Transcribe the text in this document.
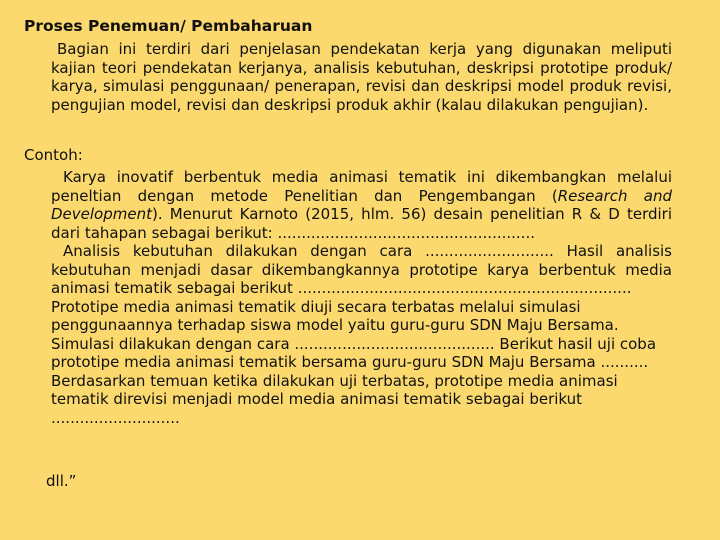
Proses Penemuan/ Pembaharuan

Bagian ini terdiri dari penjelasan pendekatan kerja yang digunakan meliputi kajian teori pendekatan kerjanya, analisis kebutuhan, deskripsi prototipe produk/ karya, simulasi penggunaan/ penerapan, revisi dan deskripsi model produk revisi, pengujian model, revisi dan deskripsi produk akhir (kalau dilakukan pengujian).

Contoh:

Karya inovatif berbentuk media animasi tematik ini dikembangkan melalui peneltian dengan metode Penelitian dan Pengembangan (Research and Development). Menurut Karnoto (2015, hlm. 56) desain penelitian R & D terdiri dari tahapan sebagai berikut: ......................................................

Analisis kebutuhan dilakukan dengan cara ........................... Hasil analisis kebutuhan menjadi dasar dikembangkannya prototipe karya berbentuk media animasi tematik sebagai berikut ......................................................................

Prototipe media animasi tematik diuji secara terbatas melalui simulasi penggunaannya terhadap siswa model yaitu guru-guru SDN Maju Bersama. Simulasi dilakukan dengan cara .......................................... Berikut hasil uji coba prototipe media animasi tematik bersama guru-guru SDN Maju Bersama .......... Berdasarkan temuan ketika dilakukan uji terbatas, prototipe media animasi tematik direvisi menjadi model media animasi tematik sebagai berikut ...........................

dll.”
